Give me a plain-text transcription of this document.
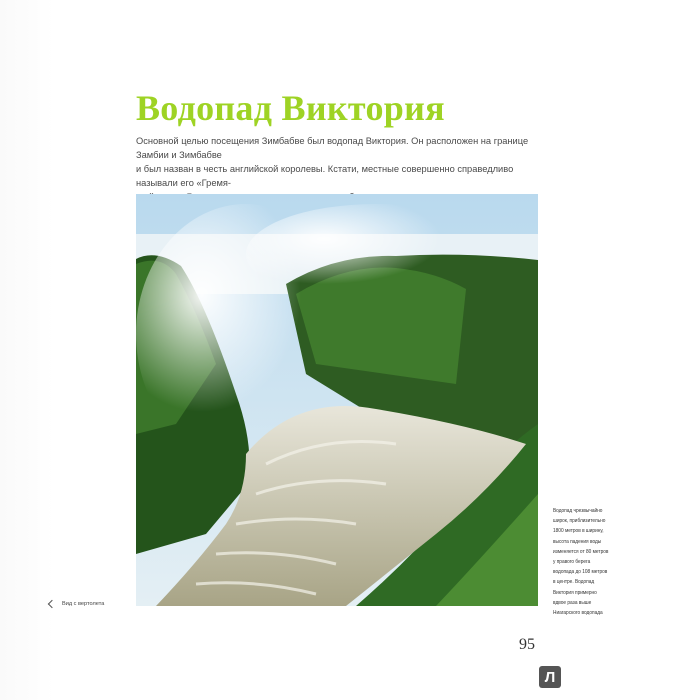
Водопад Виктория

Основной целью посещения Зимбабве был водопад Виктория. Он расположен на границе Замбии и Зимбабве

и был назван в честь английской королевы. Кстати, местные совершенно справедливо называли его «Гремя-

Водопад чрезвычайно
широк, приблизительно
1800 метров в ширину,
высота падения воды
изменяется от 80 метров
у правого берега
водопада до 108 метров
в центре. Водопад
Виктория примерно
вдвое разa выше
Ниагарского водопада
Вид с вертолета
95
Л
